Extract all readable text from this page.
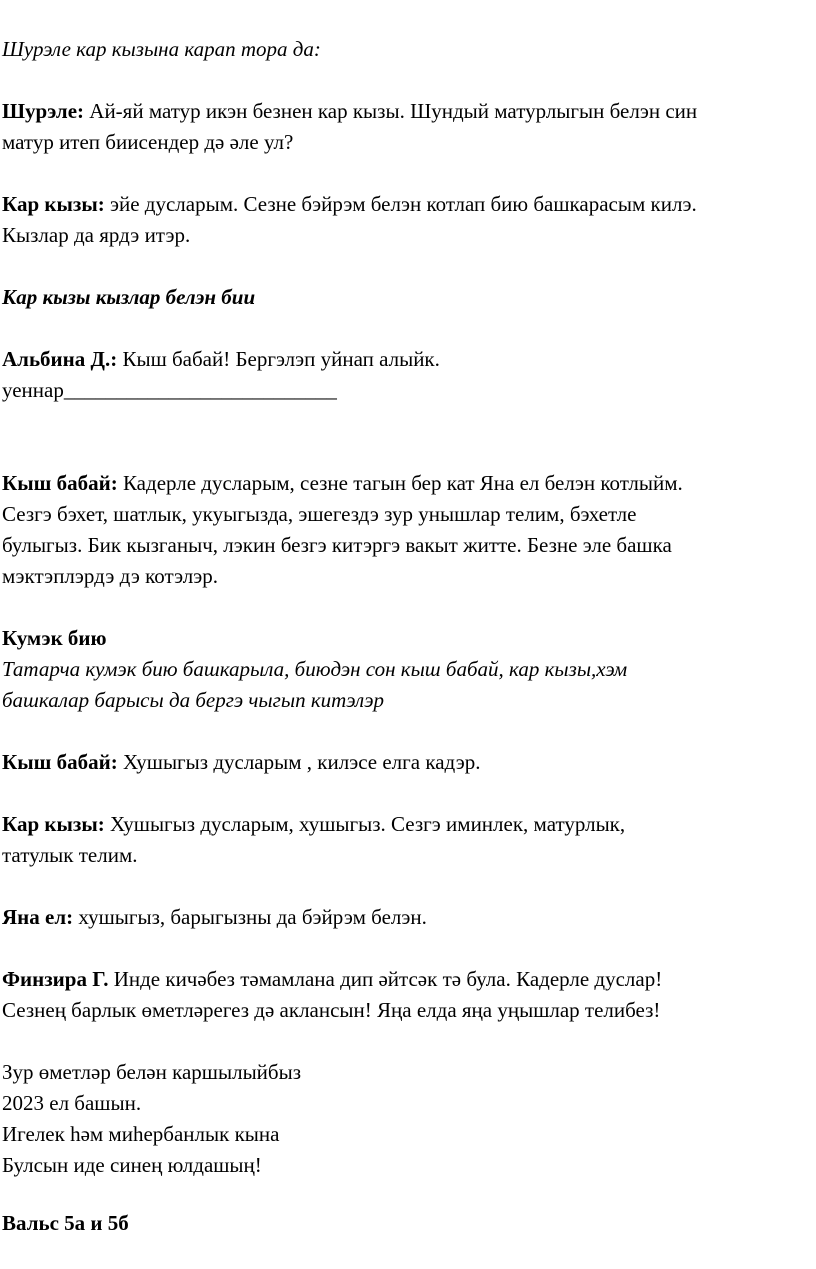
Шурэле кар кызына карап тора да:

Шурэле: Ай-яй матур икэн безнен кар кызы. Шундый матурлыгын белэн син

матур итеп биисендер дә әле ул?

Кар кызы: эйе дусларым. Сезне бэйрэм белэн котлап бию башкарасым килэ.

Кызлар да ярдэ итэр.

Кар кызы кызлар белэн бии

Альбина Д.: Кыш бабай! Бергэлэп уйнап алыйк.

уеннар__________________________

Кыш бабай: Кадерле дусларым, сезне тагын бер кат Яна ел белэн котлыйм.

Сезгэ бэхет, шатлык, укуыгызда, эшегездэ зур унышлар телим, бэхетле

булыгыз. Бик кызганыч, лэкин безгэ китэргэ вакыт житте. Безне эле башка

мэктэплэрдэ дэ котэлэр.

Кумэк бию

Татарча кумэк бию башкарыла, биюдэн сон кыш бабай, кар кызы,хэм

башкалар барысы да бергэ чыгып китэлэр

Кыш бабай: Хушыгыз дусларым , килэсе елга кадэр.

Кар кызы: Хушыгыз дусларым, хушыгыз. Сезгэ иминлек, матурлык,

татулык телим.

Яна ел: хушыгыз, барыгызны да бэйрэм белэн.

Финзира Г. Инде кичәбез тәмамлана дип әйтсәк тә була. Кадерле дуслар!

Сезнең барлык өметләрегез дә аклансын! Яңа елда яңа уңышлар телибез!

Зур өметләр белән каршылыйбыз

2023 ел башын.

Игелек һәм миһербанлык кына

Булсын иде синең юлдашың!

Вальс 5а и 5б
